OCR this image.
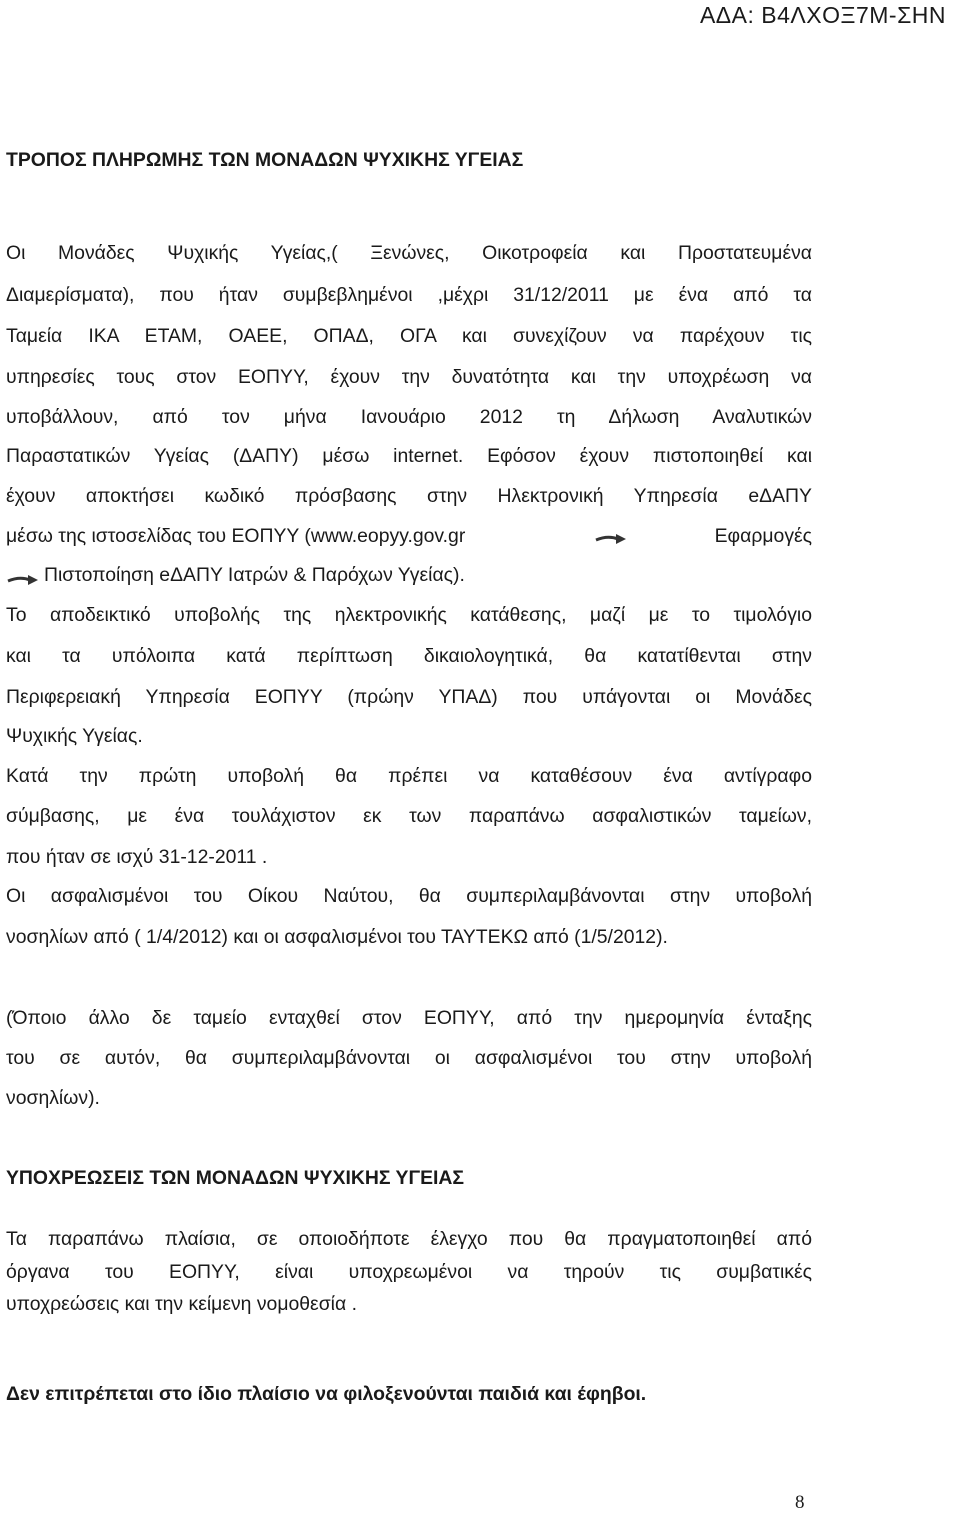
ΑΔΑ: Β4ΛΧΟΞ7Μ-ΣΗΝ
ΤΡΟΠΟΣ ΠΛΗΡΩΜΗΣ ΤΩΝ ΜΟΝΑΔΩΝ ΨΥΧΙΚΗΣ ΥΓΕΙΑΣ
Οι Μονάδες Ψυχικής Υγείας,( Ξενώνες, Οικοτροφεία και Προστατευμένα
Διαμερίσματα), που ήταν συμβεβλημένοι ,μέχρι 31/12/2011 με ένα από τα
Ταμεία ΙΚΑ ΕΤΑΜ, ΟΑΕΕ, ΟΠΑΔ, ΟΓΑ και συνεχίζουν να παρέχουν τις
υπηρεσίες τους στον ΕΟΠΥΥ, έχουν την δυνατότητα και την υποχρέωση να
υποβάλλουν, από τον μήνα Ιανουάριο 2012 τη Δήλωση Αναλυτικών
Παραστατικών Υγείας (ΔΑΠΥ) μέσω internet. Εφόσον έχουν πιστοποιηθεί και
έχουν αποκτήσει κωδικό πρόσβασης στην Ηλεκτρονική Υπηρεσία eΔΑΠΥ
μέσω της ιστοσελίδας του ΕΟΠΥΥ (www.eopyy.gov.gr	Εφαρμογές
Πιστοποίηση eΔΑΠΥ Ιατρών & Παρόχων Υγείας).
Το αποδεικτικό υποβολής της ηλεκτρονικής κατάθεσης, μαζί με το τιμολόγιο
και τα υπόλοιπα κατά περίπτωση δικαιολογητικά, θα κατατίθενται στην
Περιφερειακή Υπηρεσία ΕΟΠΥΥ (πρώην ΥΠΑΔ) που υπάγονται οι Μονάδες
Ψυχικής Υγείας.
Κατά την πρώτη υποβολή θα πρέπει να καταθέσουν ένα αντίγραφο
σύμβασης, με ένα τουλάχιστον εκ των παραπάνω ασφαλιστικών ταμείων,
που ήταν σε ισχύ 31-12-2011 .
Οι ασφαλισμένοι του Οίκου Ναύτου, θα συμπεριλαμβάνονται στην υποβολή
νοσηλίων από ( 1/4/2012) και οι ασφαλισμένοι του ΤΑΥΤΕΚΩ από (1/5/2012).
(Όποιο άλλο δε ταμείο ενταχθεί στον ΕΟΠΥΥ, από την ημερομηνία ένταξης
του σε αυτόν, θα συμπεριλαμβάνονται οι ασφαλισμένοι του στην υποβολή
νοσηλίων).
ΥΠΟΧΡΕΩΣΕΙΣ ΤΩΝ ΜΟΝΑΔΩΝ ΨΥΧΙΚΗΣ ΥΓΕΙΑΣ
Τα παραπάνω πλαίσια, σε οποιοδήποτε έλεγχο που θα πραγματοποιηθεί από
όργανα του ΕΟΠΥΥ, είναι υποχρεωμένοι να τηρούν τις συμβατικές
υποχρεώσεις και την κείμενη νομοθεσία .
Δεν επιτρέπεται στο ίδιο πλαίσιο να φιλοξενούνται παιδιά και έφηβοι.
8
